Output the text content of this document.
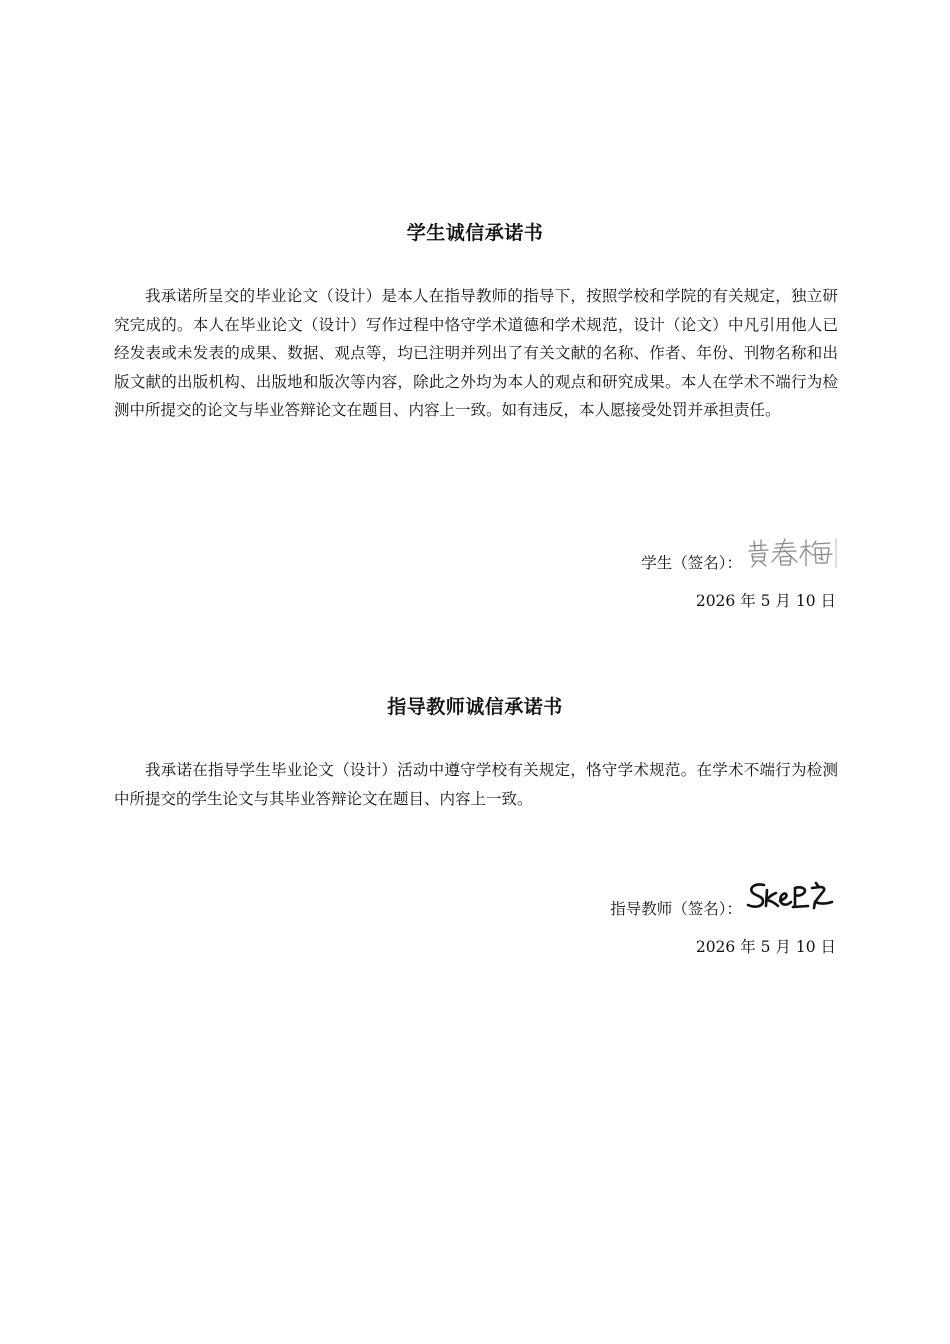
学生诚信承诺书

我承诺所呈交的毕业论文（设计）是本人在指导教师的指导下，按照学校和学院的有关规定，独立研究完成的。本人在毕业论文（设计）写作过程中恪守学术道德和学术规范，设计（论文）中凡引用他人已经发表或未发表的成果、数据、观点等，均已注明并列出了有关文献的名称、作者、年份、刊物名称和出版文献的出版机构、出版地和版次等内容，除此之外均为本人的观点和研究成果。本人在学术不端行为检测中所提交的论文与毕业答辩论文在题目、内容上一致。如有违反，本人愿接受处罚并承担责任。

学生（签名）：
2026 年 5 月 10 日
指导教师诚信承诺书

我承诺在指导学生毕业论文（设计）活动中遵守学校有关规定，恪守学术规范。在学术不端行为检测中所提交的学生论文与其毕业答辩论文在题目、内容上一致。

指导教师（签名）：
2026 年 5 月 10 日
